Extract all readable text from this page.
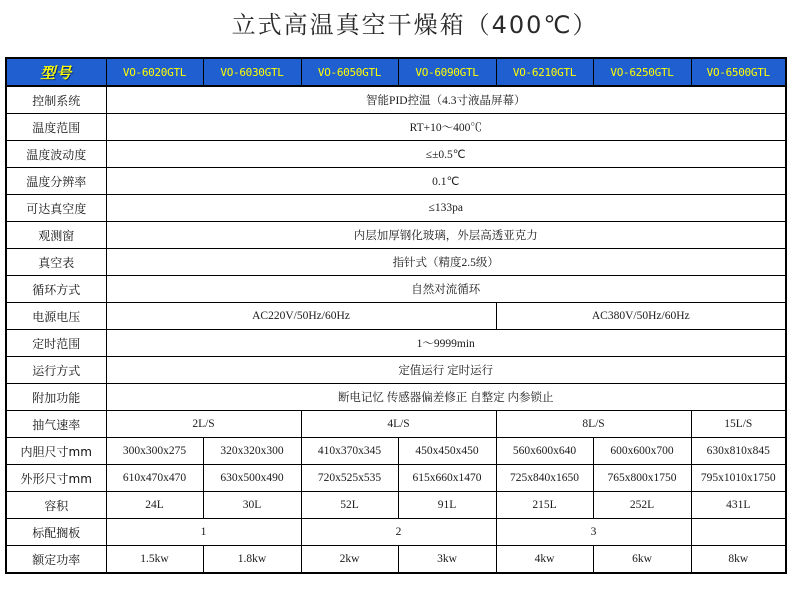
立式高温真空干燥箱（400℃）
型号	VO-6020GTL	VO-6030GTL	VO-6050GTL	VO-6090GTL	VO-6210GTL	VO-6250GTL	VO-6500GTL
控制系统	智能PID控温（4.3寸液晶屏幕）						
温度范围	RT+10～400℃						
温度波动度	≤±0.5℃						
温度分辨率	0.1℃						
可达真空度	≤133pa						
观测窗	内层加厚钢化玻璃，外层高透亚克力						
真空表	指针式（精度2.5级）						
循环方式	自然对流循环						
电源电压	AC220V/50Hz/60Hz				AC380V/50Hz/60Hz		
定时范围	1～9999min						
运行方式	定值运行 定时运行						
附加功能	断电记忆 传感器偏差修正 自整定 内参锁止						
抽气速率	2L/S		4L/S		8L/S		15L/S
内胆尺寸mm	300x300x275	320x320x300	410x370x345	450x450x450	560x600x640	600x600x700	630x810x845
外形尺寸mm	610x470x470	630x500x490	720x525x535	615x660x1470	725x840x1650	765x800x1750	795x1010x1750
容积	24L	30L	52L	91L	215L	252L	431L
标配搁板	1		2		3		
额定功率	1.5kw	1.8kw	2kw	3kw	4kw	6kw	8kw
